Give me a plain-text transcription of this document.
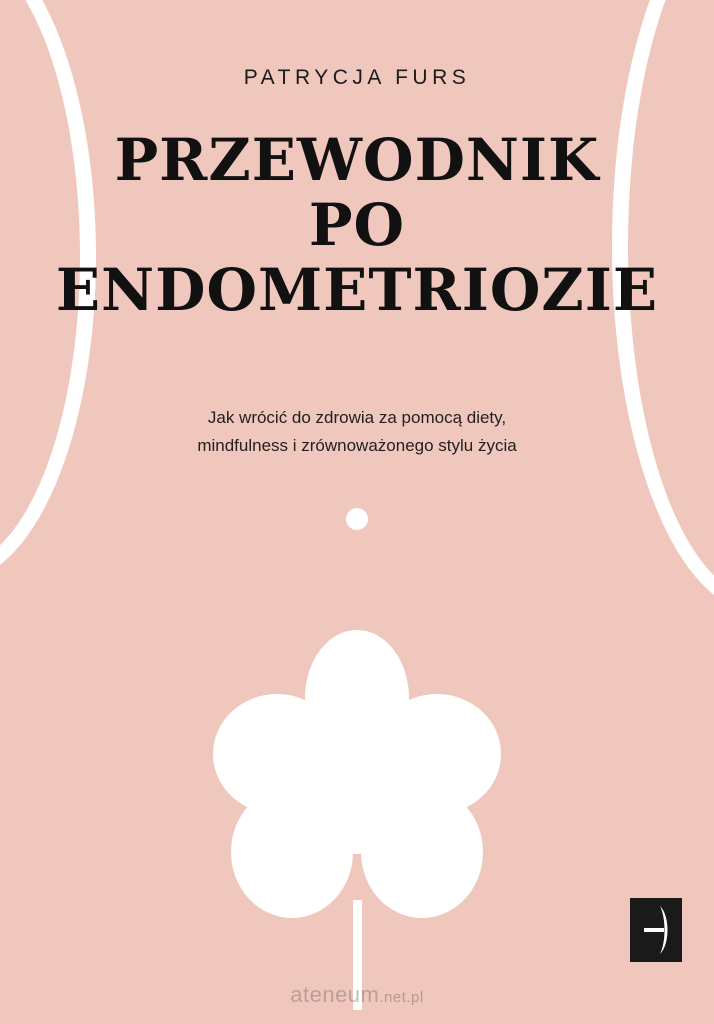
PATRYCJA FURS
PRZEWODNIK
PO
ENDOMETRIOZIE
Jak wrócić do zdrowia za pomocą diety,
mindfulness i zrównoważonego stylu życia
ateneum.net.pl
